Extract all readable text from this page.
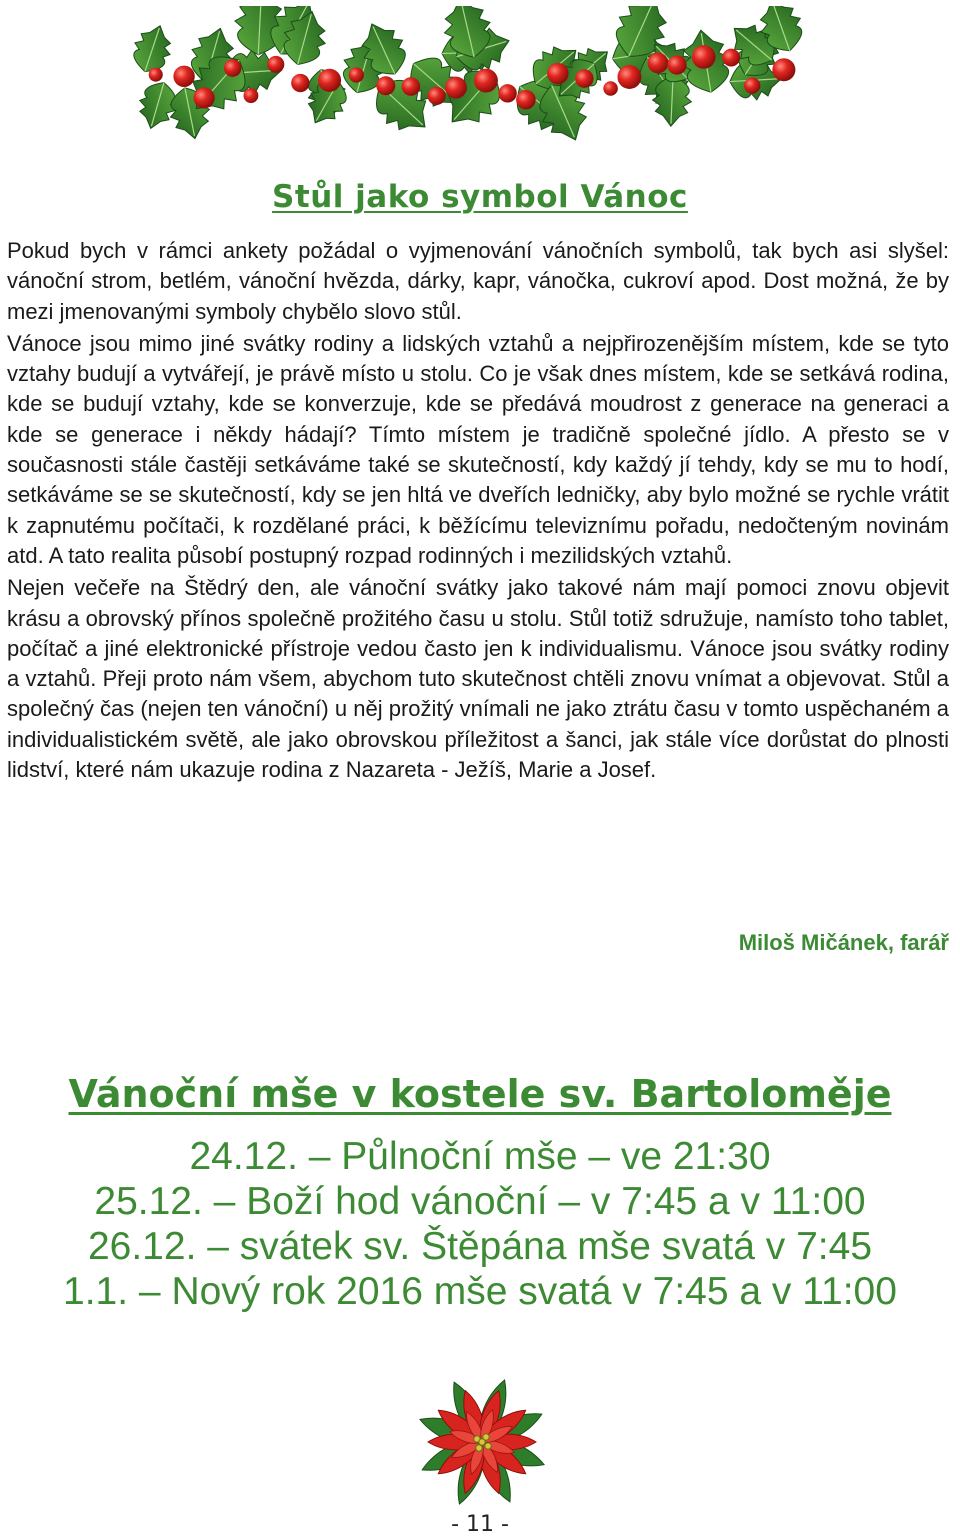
Stůl jako symbol Vánoc

Pokud bych v rámci ankety požádal o vyjmenování vánočních symbolů, tak bych asi slyšel: vánoční strom, betlém, vánoční hvězda, dárky, kapr, vánočka, cukroví apod. Dost možná, že by mezi jmenovanými symboly chybělo slovo stůl.

Vánoce jsou mimo jiné svátky rodiny a lidských vztahů a nejpřirozenějším místem, kde se tyto vztahy budují a vytvářejí, je právě místo u stolu. Co je však dnes místem, kde se setkává rodina, kde se budují vztahy, kde se konverzuje, kde se předává moudrost z generace na generaci a kde se generace i někdy hádají? Tímto místem je tradičně společné jídlo. A přesto se v současnosti stále častěji setkáváme také se skutečností, kdy každý jí tehdy, kdy se mu to hodí, setkáváme se se skutečností, kdy se jen hltá ve dveřích ledničky, aby bylo možné se rychle vrátit k zapnutému počítači, k rozdělané práci, k běžícímu televiznímu pořadu, nedočteným novinám atd. A tato realita působí postupný rozpad rodinných i mezilidských vztahů.

Nejen večeře na Štědrý den, ale vánoční svátky jako takové nám mají pomoci znovu objevit krásu a obrovský přínos společně prožitého času u stolu. Stůl totiž sdružuje, namísto toho tablet, počítač a jiné elektronické přístroje vedou často jen k individualismu. Vánoce jsou svátky rodiny a vztahů. Přeji proto nám všem, abychom tuto skutečnost chtěli znovu vnímat a objevovat. Stůl a společný čas (nejen ten vánoční) u něj prožitý vnímali ne jako ztrátu času v tomto uspěchaném a individualistickém světě, ale jako obrovskou příležitost a šanci, jak stále více dorůstat do plnosti lidství, které nám ukazuje rodina z Nazareta - Ježíš, Marie a Josef.

Miloš Mičánek, farář
Vánoční mše v kostele sv. Bartoloměje
24.12. – Půlnoční mše – ve 21:30
25.12. – Boží hod vánoční – v 7:45 a v 11:00
26.12. – svátek sv. Štěpána mše svatá v 7:45
1.1. – Nový rok 2016 mše svatá v 7:45 a v 11:00
- 11 -
